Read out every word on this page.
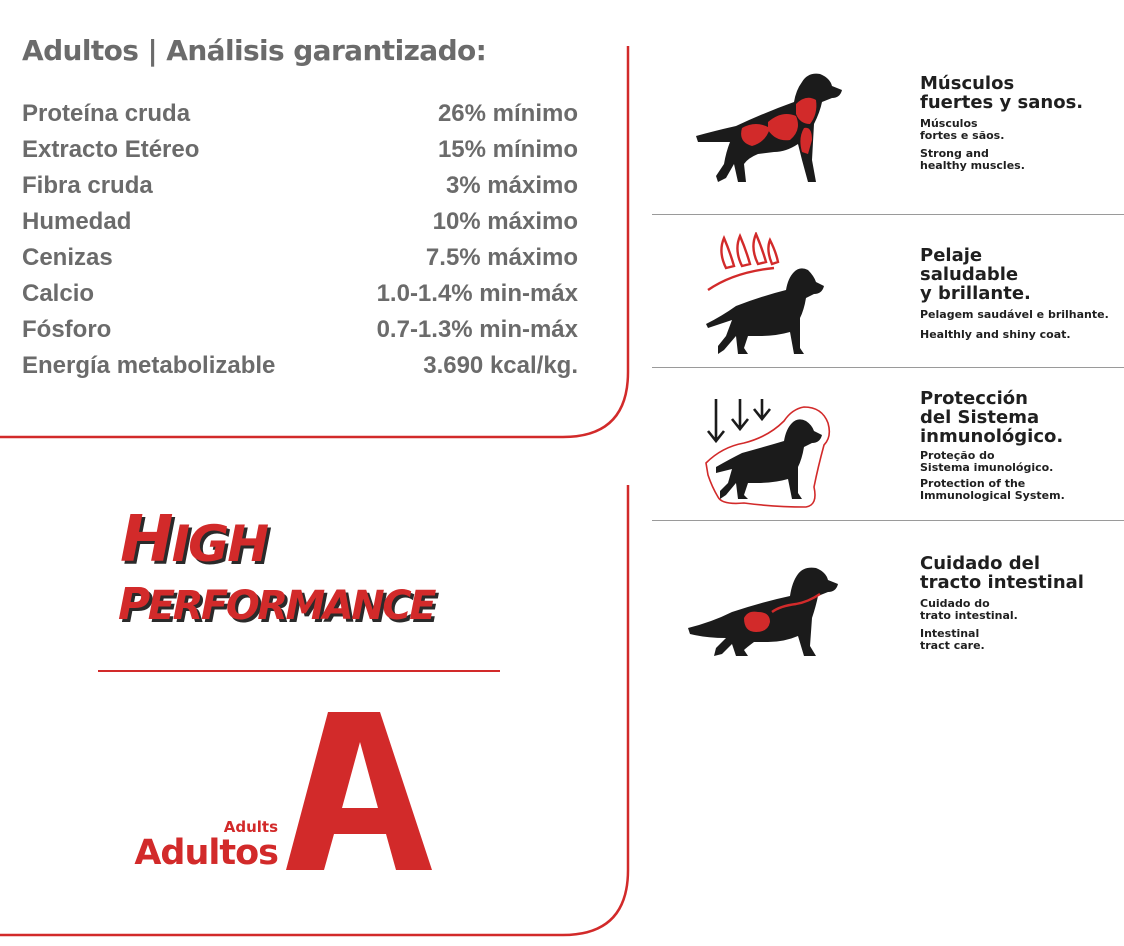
Adultos | Análisis garantizado:
Proteína cruda	26% mínimo
Extracto Etéreo	15% mínimo
Fibra cruda	3% máximo
Humedad	10% máximo
Cenizas	7.5% máximo
Calcio	1.0-1.4% min-máx
Fósforo	0.7-1.3% min-máx
Energía metabolizable	3.690 kcal/kg.
HIGH
PERFORMANCE
Adults
Adultos
Músculos
fuertes y sanos.
Músculos
fortes e sãos.
Strong and
healthy muscles.
Pelaje
saludable
y brillante.
Pelagem saudável e brilhante.
Healthly and shiny coat.
Protección
del Sistema
inmunológico.
Proteção do
Sistema imunológico.
Protection of the
Immunological System.
Cuidado del
tracto intestinal
Cuidado do
trato intestinal.
Intestinal
tract care.
